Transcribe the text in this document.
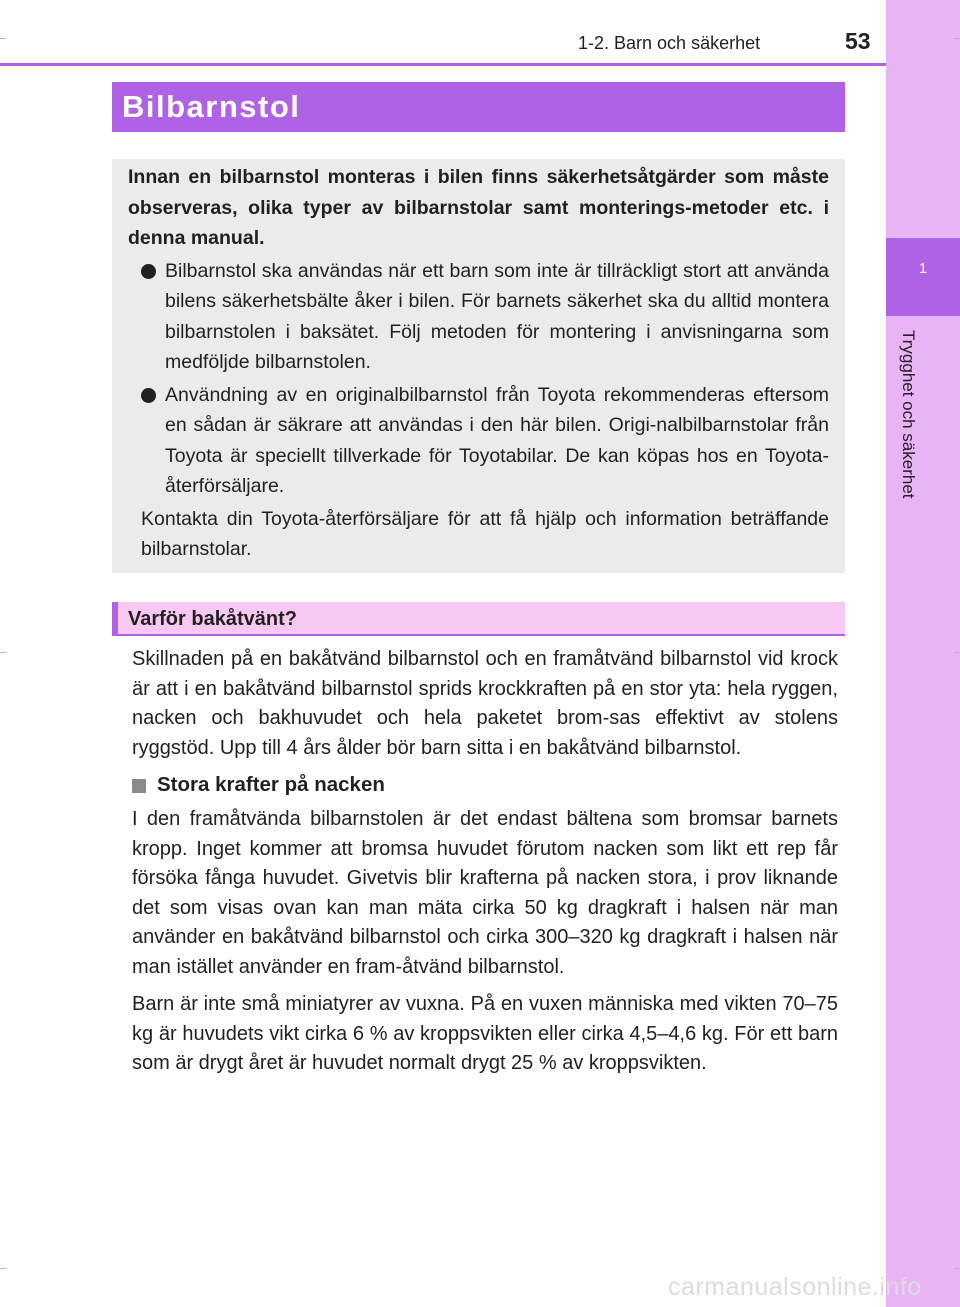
1
Trygghet och säkerhet
1-2. Barn och säkerhet	53
Bilbarnstol

Innan en bilbarnstol monteras i bilen finns säkerhetsåtgärder som måste observeras, olika typer av bilbarnstolar samt monterings-metoder etc. i denna manual.

Bilbarnstol ska användas när ett barn som inte är tillräckligt stort att använda bilens säkerhetsbälte åker i bilen. För barnets säkerhet ska du alltid montera bilbarnstolen i baksätet. Följ metoden för montering i anvisningarna som medföljde bilbarnstolen.

Användning av en originalbilbarnstol från Toyota rekommenderas eftersom en sådan är säkrare att användas i den här bilen. Origi-nalbilbarnstolar från Toyota är speciellt tillverkade för Toyotabilar. De kan köpas hos en Toyota-återförsäljare.

Kontakta din Toyota-återförsäljare för att få hjälp och information beträffande bilbarnstolar.

Varför bakåtvänt?

Skillnaden på en bakåtvänd bilbarnstol och en framåtvänd bilbarnstol vid krock är att i en bakåtvänd bilbarnstol sprids krockkraften på en stor yta: hela ryggen, nacken och bakhuvudet och hela paketet brom-sas effektivt av stolens ryggstöd. Upp till 4 års ålder bör barn sitta i en bakåtvänd bilbarnstol.

Stora krafter på nacken

I den framåtvända bilbarnstolen är det endast bältena som bromsar barnets kropp. Inget kommer att bromsa huvudet förutom nacken som likt ett rep får försöka fånga huvudet. Givetvis blir krafterna på nacken stora, i prov liknande det som visas ovan kan man mäta cirka 50 kg dragkraft i halsen när man använder en bakåtvänd bilbarnstol och cirka 300–320 kg dragkraft i halsen när man istället använder en fram-åtvänd bilbarnstol.

Barn är inte små miniatyrer av vuxna. På en vuxen människa med vikten 70–75 kg är huvudets vikt cirka 6 % av kroppsvikten eller cirka 4,5–4,6 kg. För ett barn som är drygt året är huvudet normalt drygt 25 % av kroppsvikten.

carmanualsonline.info
